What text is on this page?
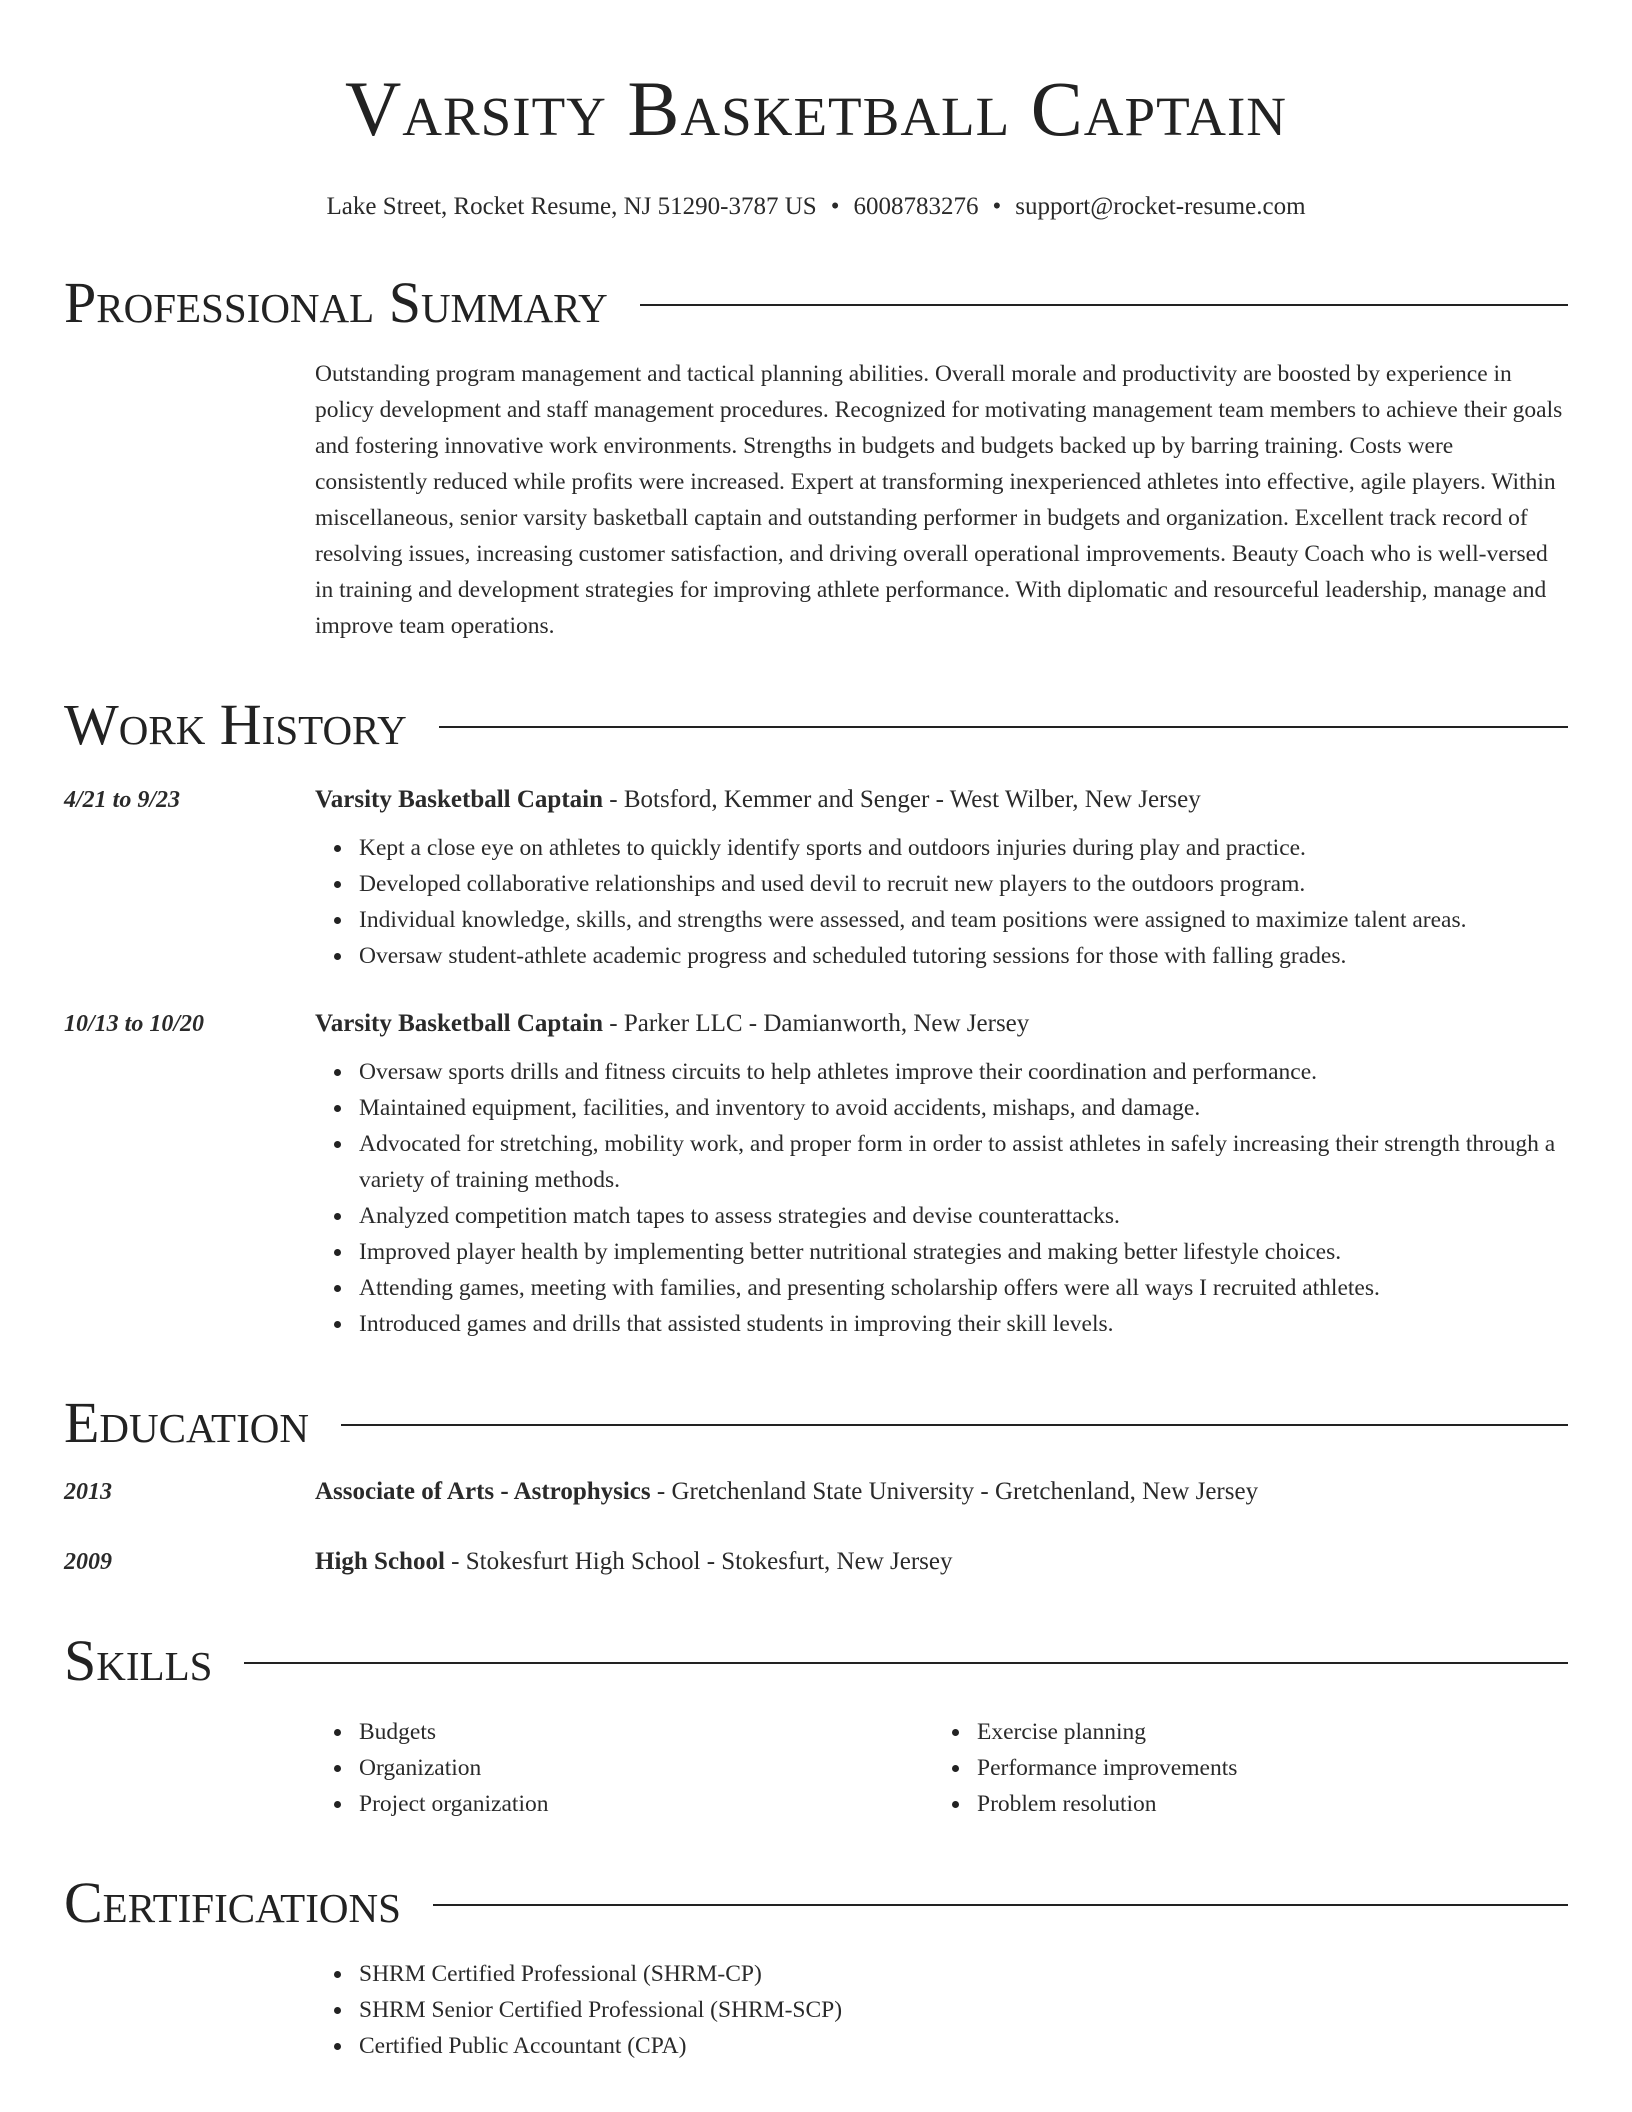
Varsity Basketball Captain
Lake Street, Rocket Resume, NJ 51290-3787 US • 6008783276 • support@rocket-resume.com
Professional Summary
Outstanding program management and tactical planning abilities. Overall morale and productivity are boosted by experience in policy development and staff management procedures. Recognized for motivating management team members to achieve their goals and fostering innovative work environments. Strengths in budgets and budgets backed up by barring training. Costs were consistently reduced while profits were increased. Expert at transforming inexperienced athletes into effective, agile players. Within miscellaneous, senior varsity basketball captain and outstanding performer in budgets and organization. Excellent track record of resolving issues, increasing customer satisfaction, and driving overall operational improvements. Beauty Coach who is well-versed in training and development strategies for improving athlete performance. With diplomatic and resourceful leadership, manage and improve team operations.
Work History
4/21 to 9/23	Varsity Basketball Captain - Botsford, Kemmer and Senger - West Wilber, New Jersey
Kept a close eye on athletes to quickly identify sports and outdoors injuries during play and practice.
Developed collaborative relationships and used devil to recruit new players to the outdoors program.
Individual knowledge, skills, and strengths were assessed, and team positions were assigned to maximize talent areas.
Oversaw student-athlete academic progress and scheduled tutoring sessions for those with falling grades.
10/13 to 10/20	Varsity Basketball Captain - Parker LLC - Damianworth, New Jersey
Oversaw sports drills and fitness circuits to help athletes improve their coordination and performance.
Maintained equipment, facilities, and inventory to avoid accidents, mishaps, and damage.
Advocated for stretching, mobility work, and proper form in order to assist athletes in safely increasing their strength through a variety of training methods.
Analyzed competition match tapes to assess strategies and devise counterattacks.
Improved player health by implementing better nutritional strategies and making better lifestyle choices.
Attending games, meeting with families, and presenting scholarship offers were all ways I recruited athletes.
Introduced games and drills that assisted students in improving their skill levels.
Education
2013	Associate of Arts - Astrophysics - Gretchenland State University - Gretchenland, New Jersey
2009	High School - Stokesfurt High School - Stokesfurt, New Jersey
Skills
Budgets
Organization
Project organization
Exercise planning
Performance improvements
Problem resolution
Certifications
SHRM Certified Professional (SHRM-CP)
SHRM Senior Certified Professional (SHRM-SCP)
Certified Public Accountant (CPA)
